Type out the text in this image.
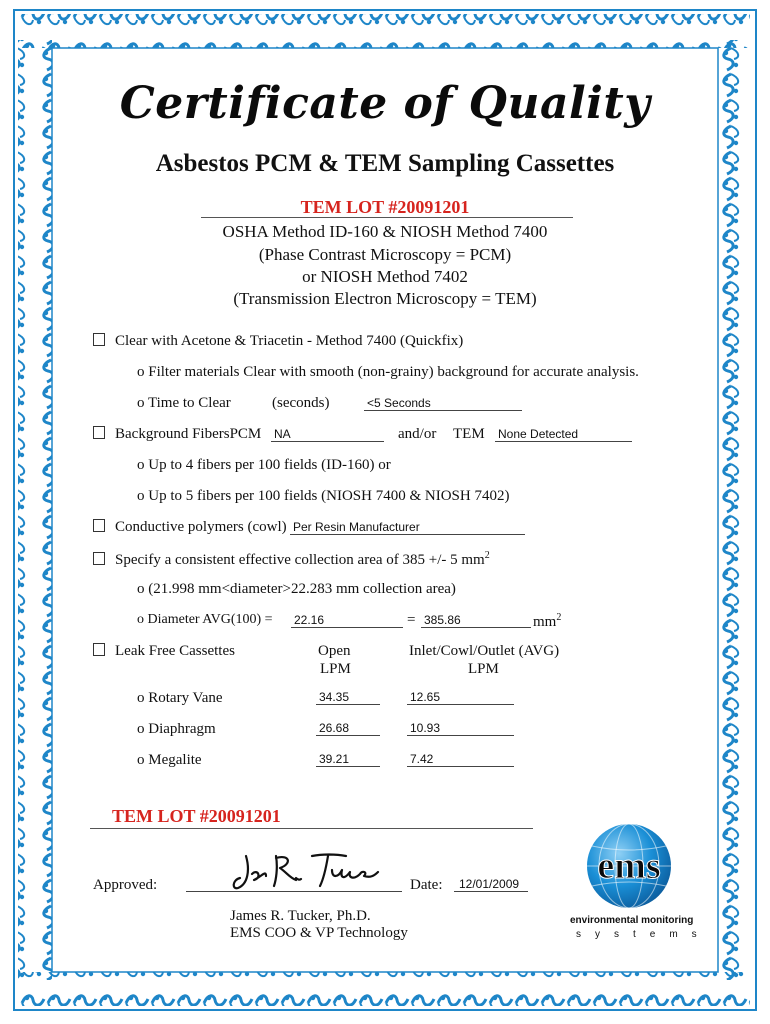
Certificate of Quality
Asbestos PCM & TEM Sampling Cassettes
TEM LOT #20091201
OSHA Method ID-160 & NIOSH Method 7400
(Phase Contrast Microscopy = PCM)
or NIOSH Method 7402
(Transmission Electron Microscopy = TEM)
Clear with Acetone & Triacetin - Method 7400 (Quickfix)
o Filter materials Clear with smooth (non-grainy) background for accurate analysis.
o Time to Clear	(seconds)	<5 Seconds
Background FibersPCM NA	and/or TEM None Detected
o Up to 4 fibers per 100 fields (ID-160) or
o Up to 5 fibers per 100 fields (NIOSH 7400 & NIOSH 7402)
Conductive polymers (cowl) Per Resin Manufacturer
Specify a consistent effective collection area of 385 +/- 5 $mm^2$
o (21.998 mm<diameter>22.283 mm collection area)
o Diameter AVG(100) = 22.16	= 385.86	$mm^2$
Leak Free Cassettes	Open
LPM
Inlet/Cowl/Outlet (AVG)
LPM
o Rotary Vane	34.35	12.65
o Diaphragm	26.68	10.93
o Megalite	39.21	7.42
TEM LOT #20091201
Approved:	Date: 12/01/2009
James R. Tucker, Ph.D.
EMS COO & VP Technology
ems
environmental monitoring
systems
